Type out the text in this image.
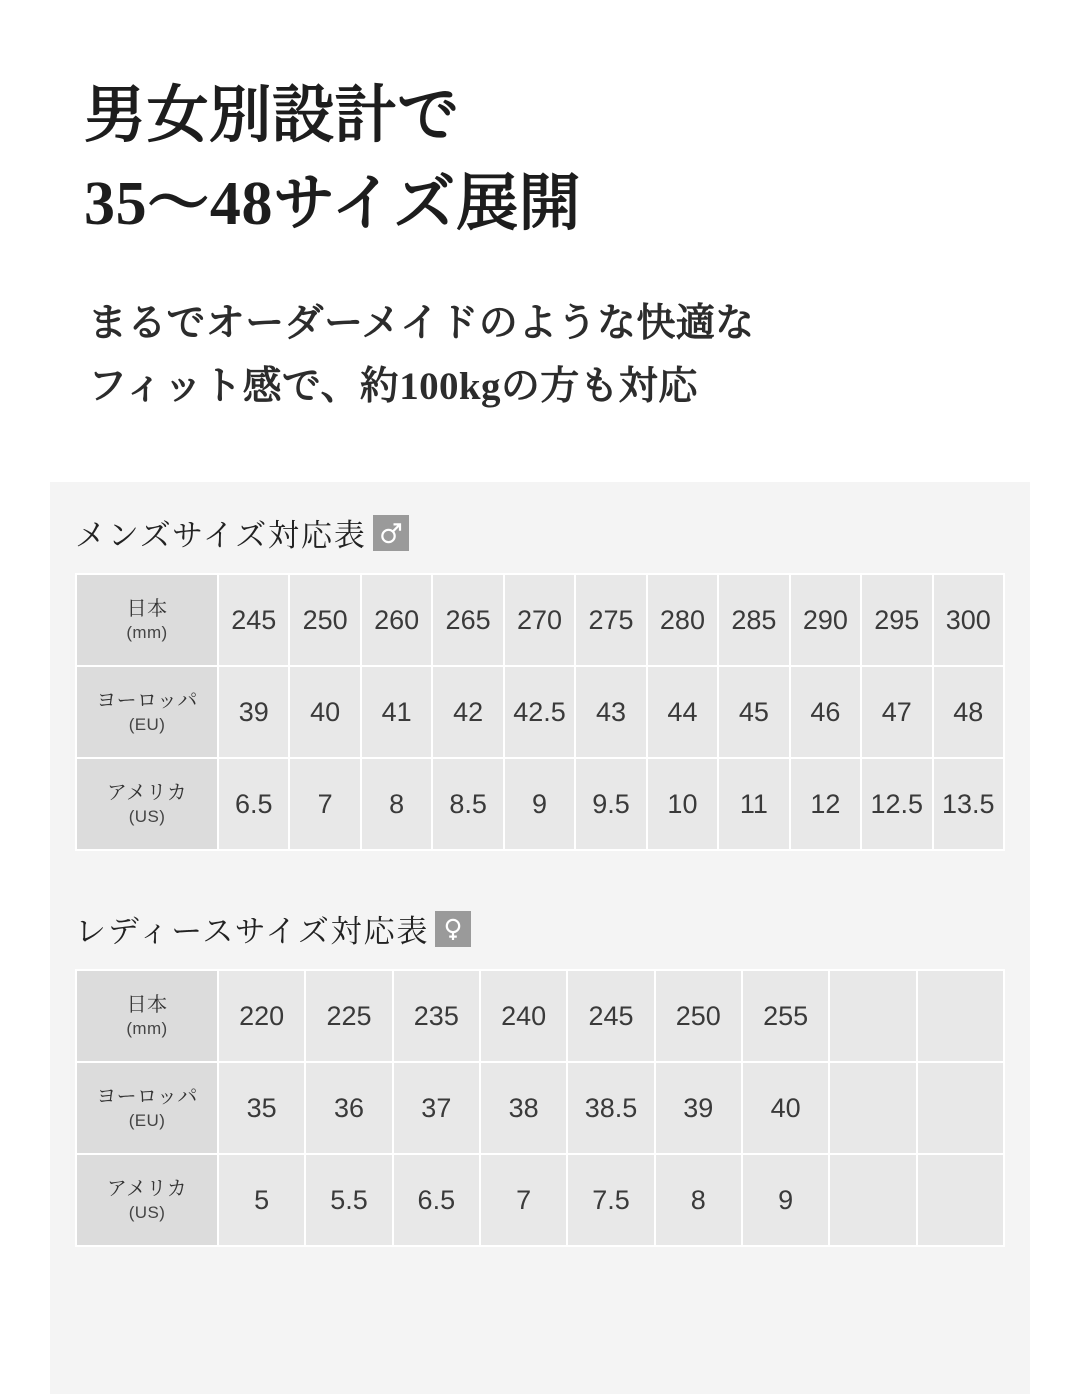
男女別設計で
35〜48サイズ展開
まるでオーダーメイドのような快適な
フィット感で、約100kgの方も対応
メンズサイズ対応表
日本
(mm)	245	250	260	265	270	275	280	285	290	295	300
ヨーロッパ
(EU)	39	40	41	42	42.5	43	44	45	46	47	48
アメリカ
(US)	6.5	7	8	8.5	9	9.5	10	11	12	12.5	13.5
レディースサイズ対応表
日本
(mm)	220	225	235	240	245	250	255		
ヨーロッパ
(EU)	35	36	37	38	38.5	39	40		
アメリカ
(US)	5	5.5	6.5	7	7.5	8	9		
